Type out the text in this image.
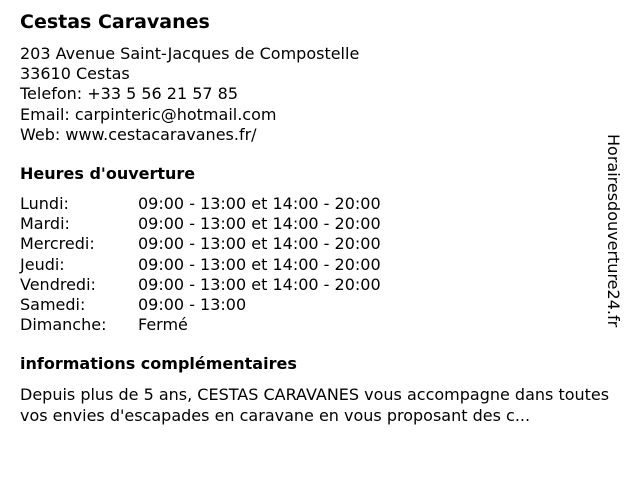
Cestas Caravanes
203 Avenue Saint-Jacques de Compostelle
33610 Cestas
Telefon: +33 5 56 21 57 85
Email: carpinteric@hotmail.com
Web: www.cestacaravanes.fr/
Heures d'ouverture
Lundi:	09:00 - 13:00 et 14:00 - 20:00
Mardi:	09:00 - 13:00 et 14:00 - 20:00
Mercredi:	09:00 - 13:00 et 14:00 - 20:00
Jeudi:	09:00 - 13:00 et 14:00 - 20:00
Vendredi:	09:00 - 13:00 et 14:00 - 20:00
Samedi:	09:00 - 13:00
Dimanche:	Fermé
informations complémentaires
Depuis plus de 5 ans, CESTAS CARAVANES vous accompagne dans toutes vos envies d'escapades en caravane en vous proposant des c...
Horairesdouverture24.fr
